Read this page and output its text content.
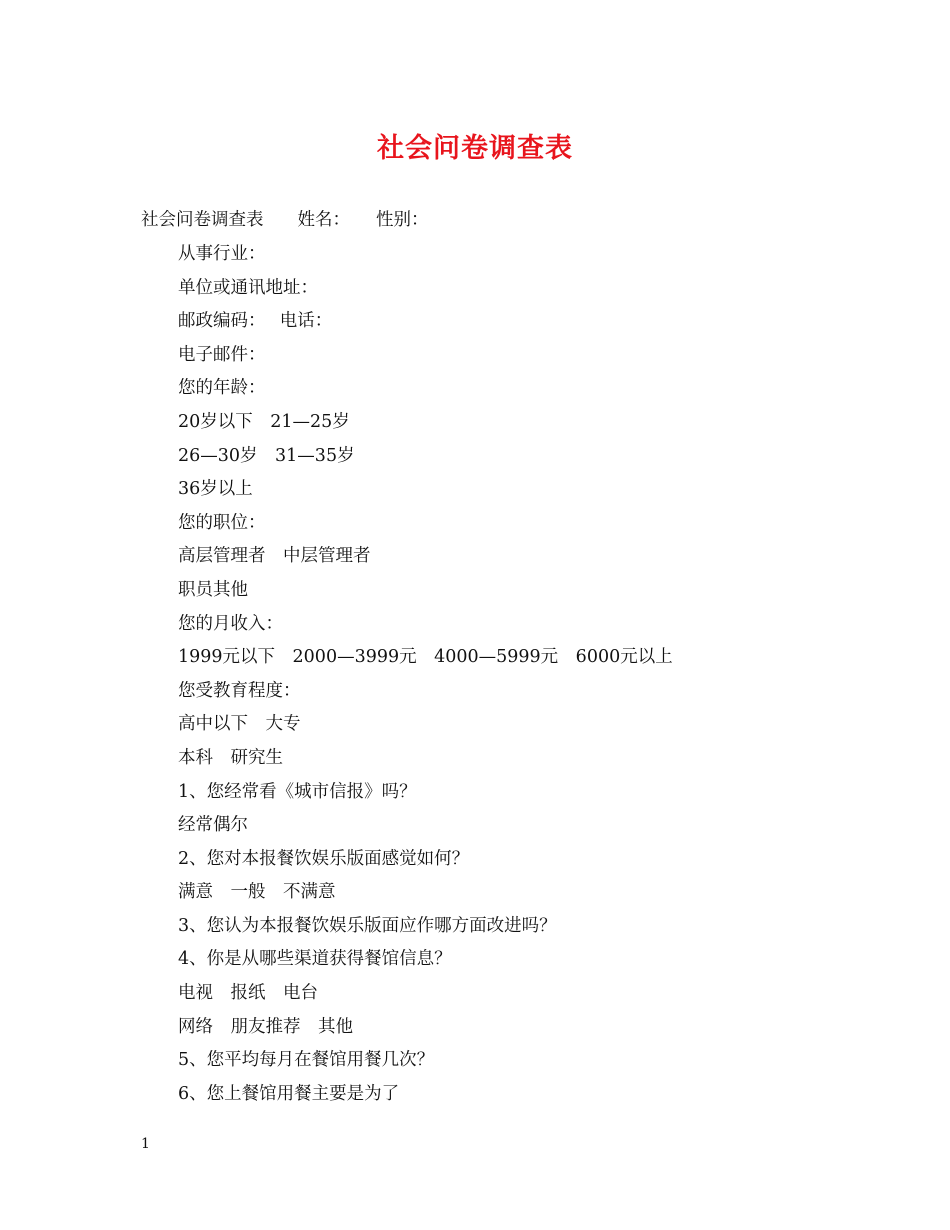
社会问卷调查表
社会问卷调查表 姓名： 性别：
从事行业：
单位或通讯地址：
邮政编码：　 电话：
电子邮件：
您的年龄：
20岁以下　21—25岁
26—30岁　31—35岁
36岁以上
您的职位：
高层管理者　中层管理者
职员其他
您的月收入：
1999元以下　2000—3999元　4000—5999元　6000元以上
您受教育程度：
高中以下　大专
本科　研究生
1、您经常看《城市信报》吗？
经常偶尔
2、您对本报餐饮娱乐版面感觉如何？
满意　一般　不满意
3、您认为本报餐饮娱乐版面应作哪方面改进吗？
4、你是从哪些渠道获得餐馆信息？
电视　报纸　电台
网络　朋友推荐　其他
5、您平均每月在餐馆用餐几次？
6、您上餐馆用餐主要是为了
1
